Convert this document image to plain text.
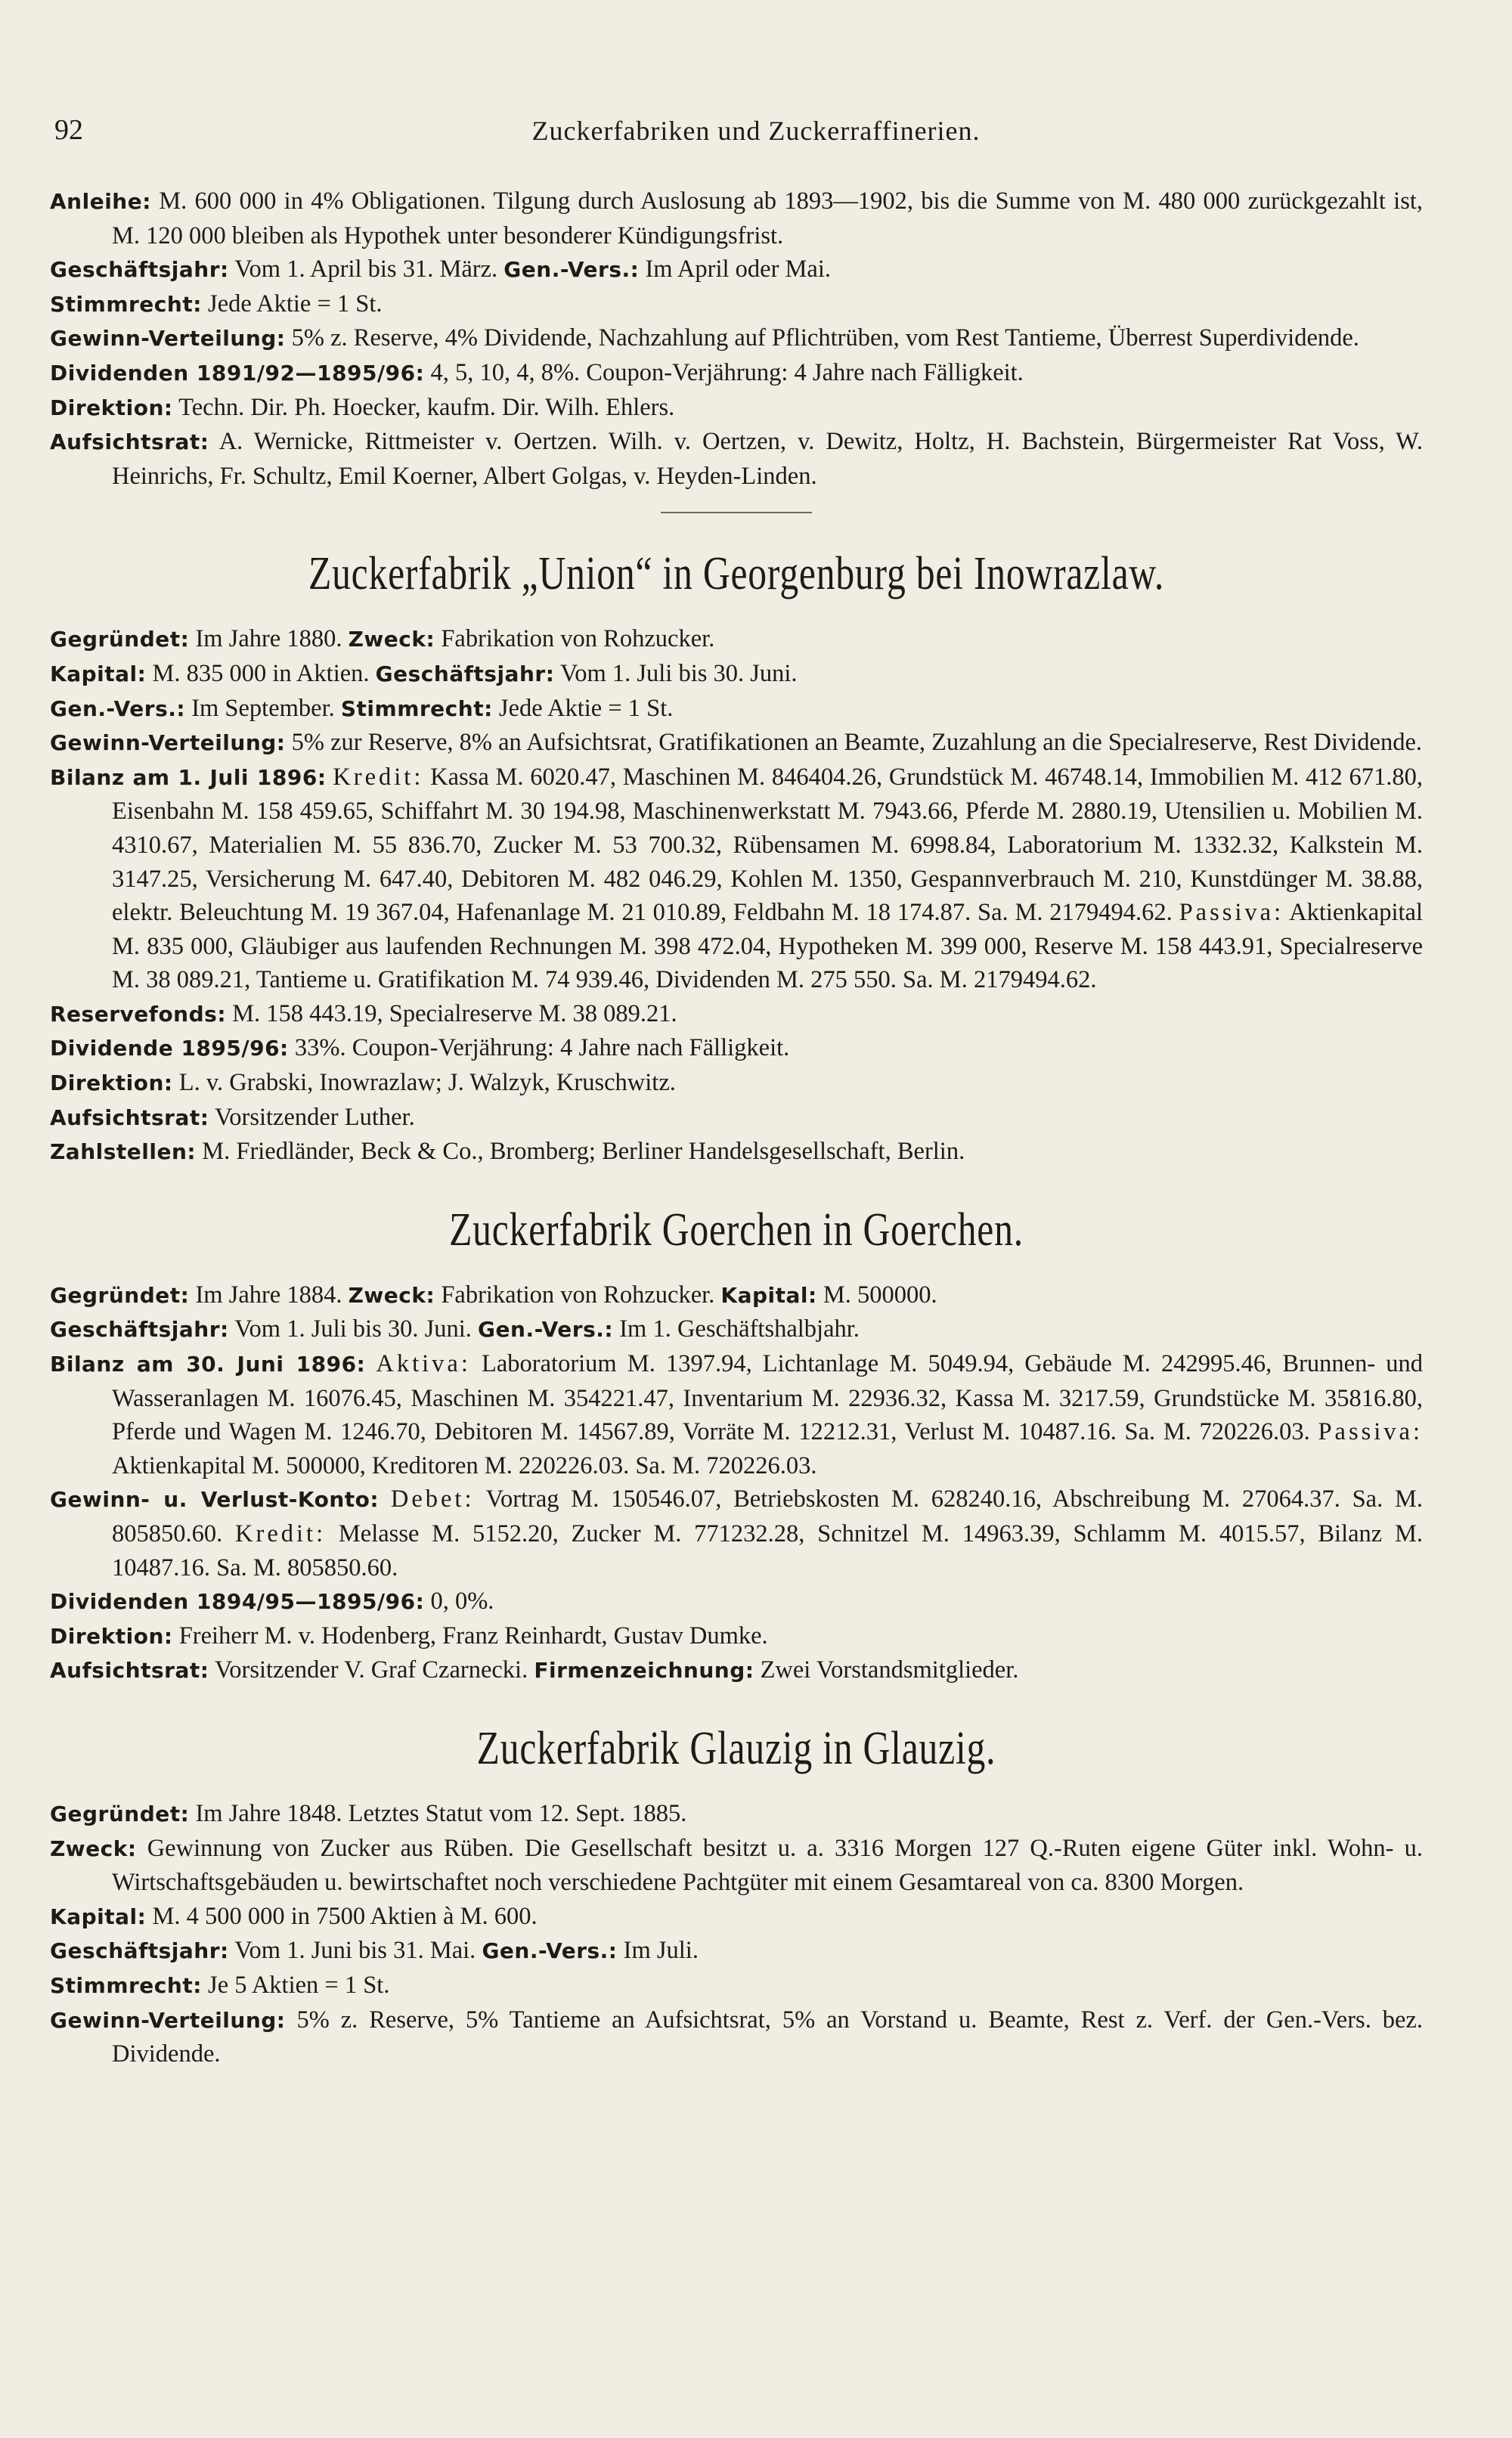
92	Zuckerfabriken und Zuckerraffinerien.

Anleihe: M. 600 000 in 4% Obligationen. Tilgung durch Auslosung ab 1893—1902, bis die Summe von M. 480 000 zurückgezahlt ist, M. 120 000 bleiben als Hypothek unter besonderer Kündigungsfrist.

Geschäftsjahr: Vom 1. April bis 31. März. Gen.-Vers.: Im April oder Mai.

Stimmrecht: Jede Aktie = 1 St.

Gewinn-Verteilung: 5% z. Reserve, 4% Dividende, Nachzahlung auf Pflichtrüben, vom Rest Tantieme, Überrest Superdividende.

Dividenden 1891/92—1895/96: 4, 5, 10, 4, 8%. Coupon-Verjährung: 4 Jahre nach Fälligkeit.

Direktion: Techn. Dir. Ph. Hoecker, kaufm. Dir. Wilh. Ehlers.

Aufsichtsrat: A. Wernicke, Rittmeister v. Oertzen. Wilh. v. Oertzen, v. Dewitz, Holtz, H. Bachstein, Bürgermeister Rat Voss, W. Heinrichs, Fr. Schultz, Emil Koerner, Albert Golgas, v. Heyden-Linden.

Zuckerfabrik „Union“ in Georgenburg bei Inowrazlaw.

Gegründet: Im Jahre 1880. Zweck: Fabrikation von Rohzucker.

Kapital: M. 835 000 in Aktien. Geschäftsjahr: Vom 1. Juli bis 30. Juni.

Gen.-Vers.: Im September. Stimmrecht: Jede Aktie = 1 St.

Gewinn-Verteilung: 5% zur Reserve, 8% an Aufsichtsrat, Gratifikationen an Beamte, Zuzahlung an die Specialreserve, Rest Dividende.

Bilanz am 1. Juli 1896: Kredit: Kassa M. 6020.47, Maschinen M. 846404.26, Grundstück M. 46748.14, Immobilien M. 412 671.80, Eisenbahn M. 158 459.65, Schiffahrt M. 30 194.98, Maschinenwerkstatt M. 7943.66, Pferde M. 2880.19, Utensilien u. Mobilien M. 4310.67, Materialien M. 55 836.70, Zucker M. 53 700.32, Rübensamen M. 6998.84, Laboratorium M. 1332.32, Kalkstein M. 3147.25, Versicherung M. 647.40, Debitoren M. 482 046.29, Kohlen M. 1350, Gespannverbrauch M. 210, Kunstdünger M. 38.88, elektr. Beleuchtung M. 19 367.04, Hafenanlage M. 21 010.89, Feldbahn M. 18 174.87. Sa. M. 2179494.62. Passiva: Aktienkapital M. 835 000, Gläubiger aus laufenden Rechnungen M. 398 472.04, Hypotheken M. 399 000, Reserve M. 158 443.91, Specialreserve M. 38 089.21, Tantieme u. Gratifikation M. 74 939.46, Dividenden M. 275 550. Sa. M. 2179494.62.

Reservefonds: M. 158 443.19, Specialreserve M. 38 089.21.

Dividende 1895/96: 33%. Coupon-Verjährung: 4 Jahre nach Fälligkeit.

Direktion: L. v. Grabski, Inowrazlaw; J. Walzyk, Kruschwitz.

Aufsichtsrat: Vorsitzender Luther.

Zahlstellen: M. Friedländer, Beck & Co., Bromberg; Berliner Handelsgesellschaft, Berlin.

Zuckerfabrik Goerchen in Goerchen.

Gegründet: Im Jahre 1884. Zweck: Fabrikation von Rohzucker. Kapital: M. 500000.

Geschäftsjahr: Vom 1. Juli bis 30. Juni. Gen.-Vers.: Im 1. Geschäftshalbjahr.

Bilanz am 30. Juni 1896: Aktiva: Laboratorium M. 1397.94, Lichtanlage M. 5049.94, Gebäude M. 242995.46, Brunnen- und Wasseranlagen M. 16076.45, Maschinen M. 354221.47, Inventarium M. 22936.32, Kassa M. 3217.59, Grundstücke M. 35816.80, Pferde und Wagen M. 1246.70, Debitoren M. 14567.89, Vorräte M. 12212.31, Verlust M. 10487.16. Sa. M. 720226.03. Passiva: Aktienkapital M. 500000, Kreditoren M. 220226.03. Sa. M. 720226.03.

Gewinn- u. Verlust-Konto: Debet: Vortrag M. 150546.07, Betriebskosten M. 628240.16, Abschreibung M. 27064.37. Sa. M. 805850.60. Kredit: Melasse M. 5152.20, Zucker M. 771232.28, Schnitzel M. 14963.39, Schlamm M. 4015.57, Bilanz M. 10487.16. Sa. M. 805850.60.

Dividenden 1894/95—1895/96: 0, 0%.

Direktion: Freiherr M. v. Hodenberg, Franz Reinhardt, Gustav Dumke.

Aufsichtsrat: Vorsitzender V. Graf Czarnecki. Firmenzeichnung: Zwei Vorstandsmitglieder.

Zuckerfabrik Glauzig in Glauzig.

Gegründet: Im Jahre 1848. Letztes Statut vom 12. Sept. 1885.

Zweck: Gewinnung von Zucker aus Rüben. Die Gesellschaft besitzt u. a. 3316 Morgen 127 Q.-Ruten eigene Güter inkl. Wohn- u. Wirtschaftsgebäuden u. bewirtschaftet noch verschiedene Pachtgüter mit einem Gesamtareal von ca. 8300 Morgen.

Kapital: M. 4 500 000 in 7500 Aktien à M. 600.

Geschäftsjahr: Vom 1. Juni bis 31. Mai. Gen.-Vers.: Im Juli.

Stimmrecht: Je 5 Aktien = 1 St.

Gewinn-Verteilung: 5% z. Reserve, 5% Tantieme an Aufsichtsrat, 5% an Vorstand u. Beamte, Rest z. Verf. der Gen.-Vers. bez. Dividende.
